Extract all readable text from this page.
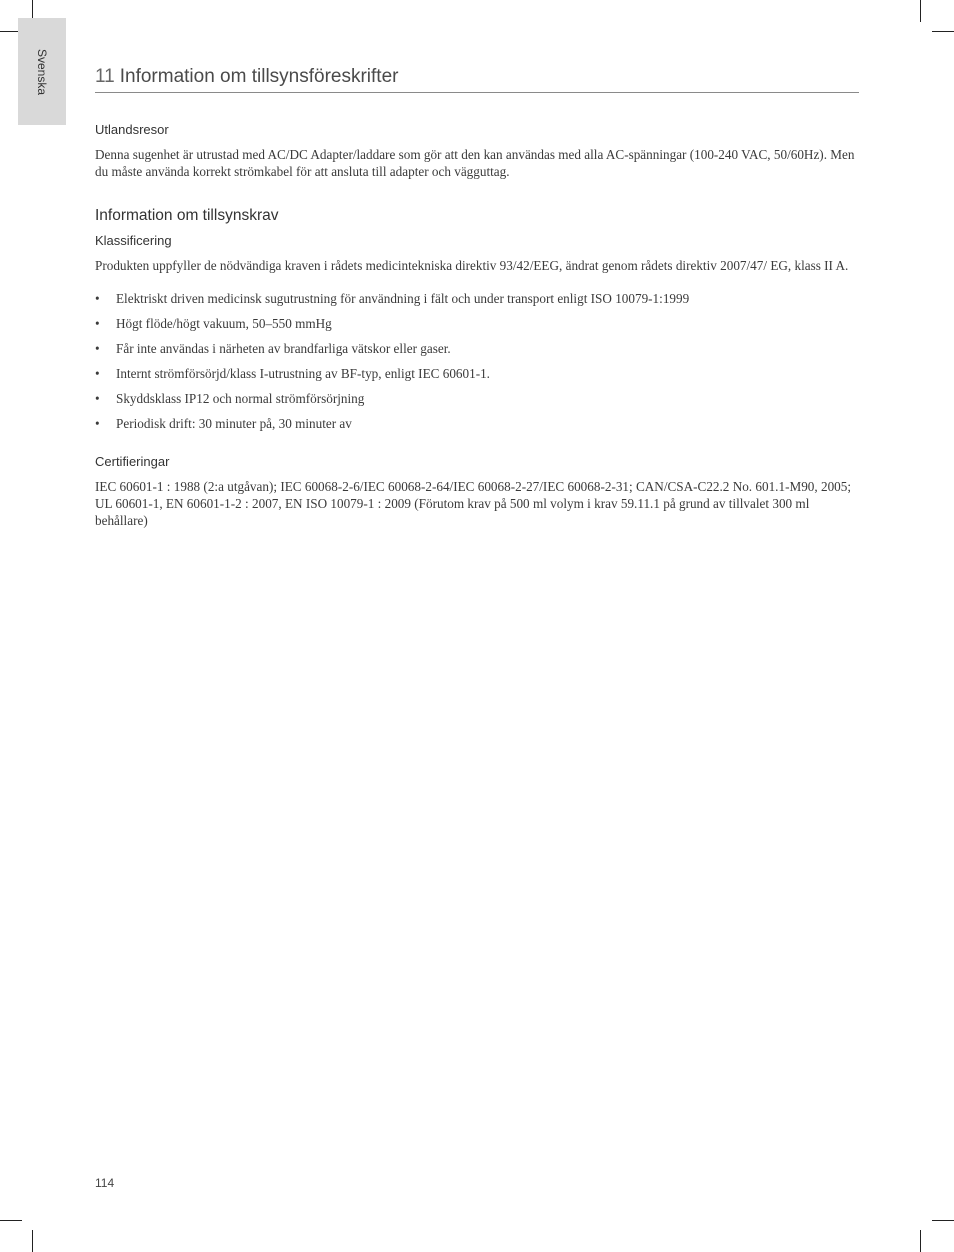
Svenska 11 Information om tillsynsföreskrifter
Utlandsresor

Denna sugenhet är utrustad med AC/DC Adapter/laddare som gör att den kan användas med alla AC-spänningar (100-240 VAC, 50/60Hz). Men du måste använda korrekt strömkabel för att ansluta till adapter och vägguttag.

Information om tillsynskrav
Klassificering

Produkten uppfyller de nödvändiga kraven i rådets medicintekniska direktiv 93/42/EEG, ändrat genom rådets direktiv 2007/47/ EG, klass II A.

• Elektriskt driven medicinsk sugutrustning för användning i fält och under transport enligt ISO 10079-1:1999
• Högt flöde/högt vakuum, 50–550 mmHg
• Får inte användas i närheten av brandfarliga vätskor eller gaser.
• Internt strömförsörjd/klass I-utrustning av BF-typ, enligt IEC 60601-1.
• Skyddsklass IP12 och normal strömförsörjning
• Periodisk drift: 30 minuter på, 30 minuter av
Certifieringar

IEC 60601-1 : 1988 (2:a utgåvan); IEC 60068-2-6/IEC 60068-2-64/IEC 60068-2-27/IEC 60068-2-31; CAN/CSA-C22.2 No. 601.1-M90, 2005; UL 60601-1, EN 60601-1-2 : 2007, EN ISO 10079-1 : 2009 (Förutom krav på 500 ml volym i krav 59.11.1 på grund av tillvalet 300 ml behållare)

114
